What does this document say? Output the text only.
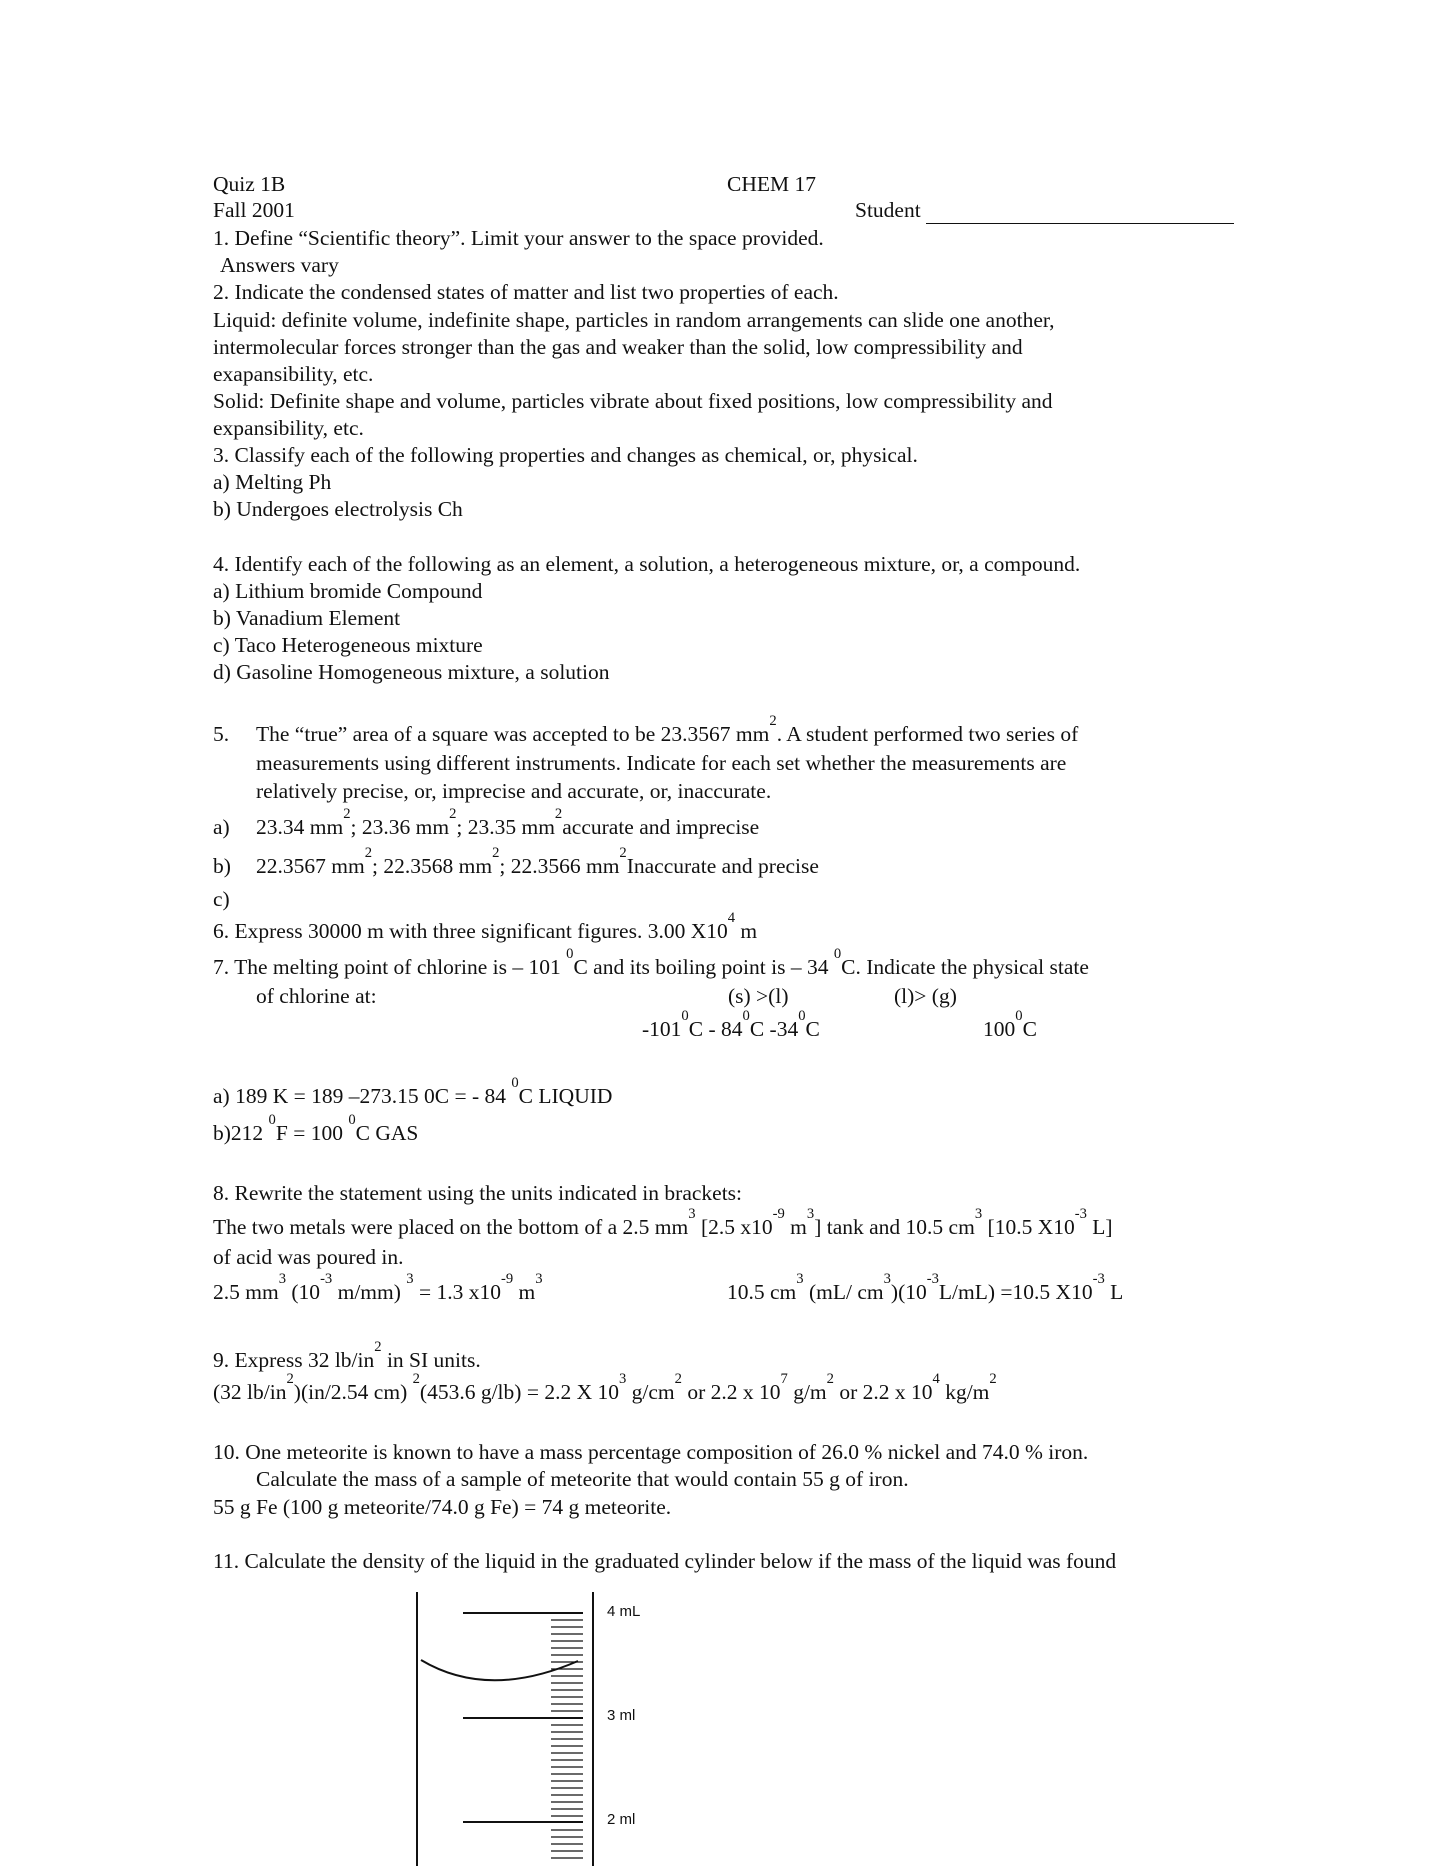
Quiz 1B	CHEM 17
Fall 2001	Student
1. Define “Scientific theory”. Limit your answer to the space provided.
Answers vary
2. Indicate the condensed states of matter and list two properties of each.
Liquid: definite volume, indefinite shape, particles in random arrangements can slide one another,
intermolecular forces stronger than the gas and weaker than the solid, low compressibility and
exapansibility, etc.
Solid: Definite shape and volume, particles vibrate about fixed positions, low compressibility and
expansibility, etc.
3. Classify each of the following properties and changes as chemical, or, physical.
a) Melting Ph
b) Undergoes electrolysis Ch
4. Identify each of the following as an element, a solution, a heterogeneous mixture, or, a compound.
a) Lithium bromide Compound
b) Vanadium Element
c) Taco Heterogeneous mixture
d) Gasoline Homogeneous mixture, a solution
5. The “true” area of a square was accepted to be 23.3567 $mm^2$. A student performed two series of
measurements using different instruments. Indicate for each set whether the measurements are
relatively precise, or, imprecise and accurate, or, inaccurate.
a) 23.34 $mm^2$; 23.36 $mm^2$; 23.35 $mm^2accurate$ and imprecise
b) 22.3567 $mm^2$; 22.3568 $mm^2$; 22.3566 $mm^2Inaccurate$ and precise
c)
6. Express 30000 m with three significant figures. 3.00 $X10^4$ m
7. The melting point of chlorine is – 101 $^0$C and its boiling point is – 34 $^0$C. Indicate the physical state
of chlorine at:	(s) >(l)	(l)> (g)
$-101^0C - 84^0C$ $-34^0C$	$100^0C$
a) 189 K = 189 –273.15 0C = - 84 $^0$C LIQUID
b)212 $^0$F = 100 $^0$C GAS
8. Rewrite the statement using the units indicated in brackets:
The two metals were placed on the bottom of a 2.5 $mm^3$ [2.5 $x10^{-9}$ $m^3$] tank and 10.5 $cm^3$ [10.5 $X10^{-3}$ L]
of acid was poured in.
2.5 $mm^3$ ($10^{-3}$ m/mm) $^3$ = 1.3 $x10^{-9}$ $m^3$
10.5 $cm^3$ (mL/ $cm^3)(10^{-3}L/mL) =10.5$ $X10^{-3}$ L
9. Express 32 $lb/in^2$ in SI units.
(32 $lb/in^2)(in/2.54$ cm) $^2$(453.6 g/lb) = 2.2 X $10^3$ $g/cm^2$ or 2.2 x $10^7$ $g/m^2$ or 2.2 x $10^4$ $kg/m^2$
10. One meteorite is known to have a mass percentage composition of 26.0 % nickel and 74.0 % iron.
Calculate the mass of a sample of meteorite that would contain 55 g of iron.
55 g Fe (100 g meteorite/74.0 g Fe) = 74 g meteorite.
11. Calculate the density of the liquid in the graduated cylinder below if the mass of the liquid was found
4 mL
3 ml
2 ml
